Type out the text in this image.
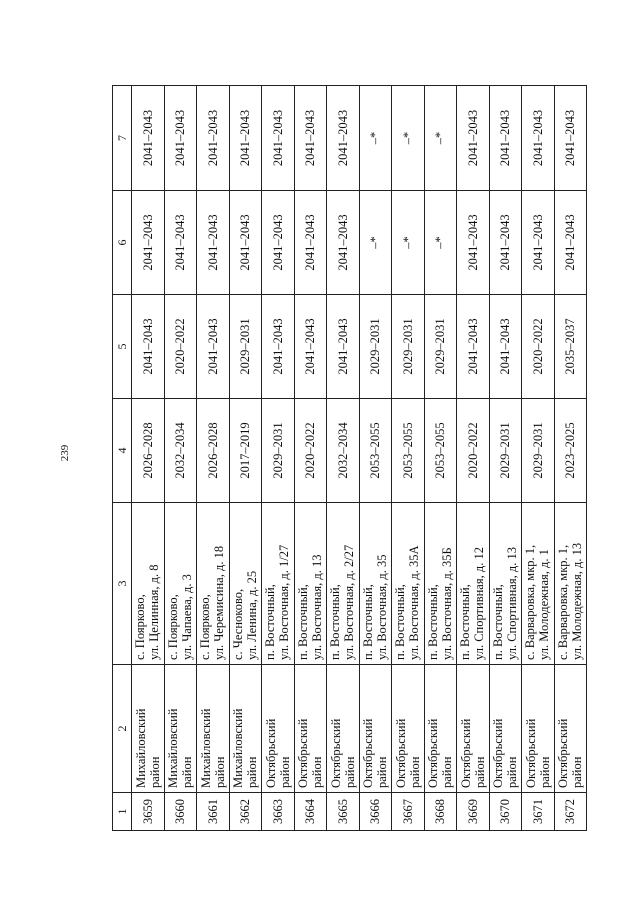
239
1	2	3	4	5	6	7
3659	Михайловский район	с. Поярково, ул. Целинная, д. 8	2026–2028	2041–2043	2041–2043	2041–2043
3660	Михайловский район	с. Поярково, ул. Чапаева, д. 3	2032–2034	2020–2022	2041–2043	2041–2043
3661	Михайловский район	с. Поярково, ул. Черемисина, д. 18	2026–2028	2041–2043	2041–2043	2041–2043
3662	Михайловский район	с. Чесноково, ул. Ленина, д. 25	2017–2019	2029–2031	2041–2043	2041–2043
3663	Октябрьский район	п. Восточный, ул. Восточная, д. 1/27	2029–2031	2041–2043	2041–2043	2041–2043
3664	Октябрьский район	п. Восточный, ул. Восточная, д. 13	2020–2022	2041–2043	2041–2043	2041–2043
3665	Октябрьский район	п. Восточный, ул. Восточная, д. 2/27	2032–2034	2041–2043	2041–2043	2041–2043
3666	Октябрьский район	п. Восточный, ул. Восточная, д. 35	2053–2055	2029–2031	–*	–*
3667	Октябрьский район	п. Восточный, ул. Восточная, д. 35А	2053–2055	2029–2031	–*	–*
3668	Октябрьский район	п. Восточный, ул. Восточная, д. 35Б	2053–2055	2029–2031	–*	–*
3669	Октябрьский район	п. Восточный, ул. Спортивная, д. 12	2020–2022	2041–2043	2041–2043	2041–2043
3670	Октябрьский район	п. Восточный, ул. Спортивная, д. 13	2029–2031	2041–2043	2041–2043	2041–2043
3671	Октябрьский район	с. Варваровка, мкр. 1, ул. Молодежная, д. 1	2029–2031	2020–2022	2041–2043	2041–2043
3672	Октябрьский район	с. Варваровка, мкр. 1, ул. Молодежная, д. 13	2023–2025	2035–2037	2041–2043	2041–2043
